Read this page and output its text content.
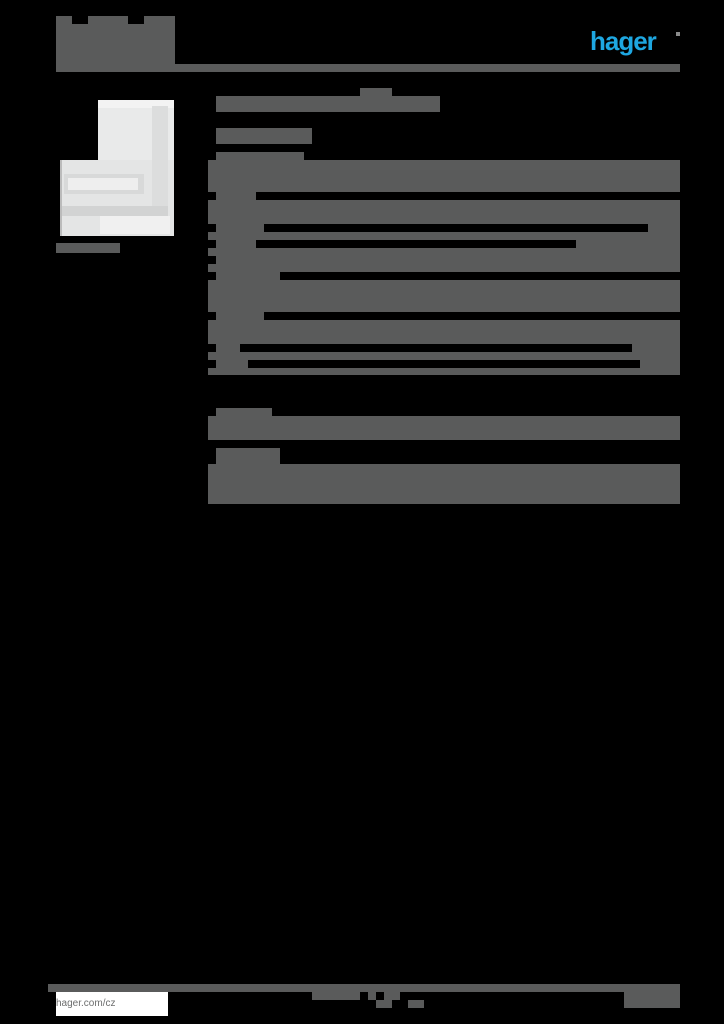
hager
hager.com/cz
